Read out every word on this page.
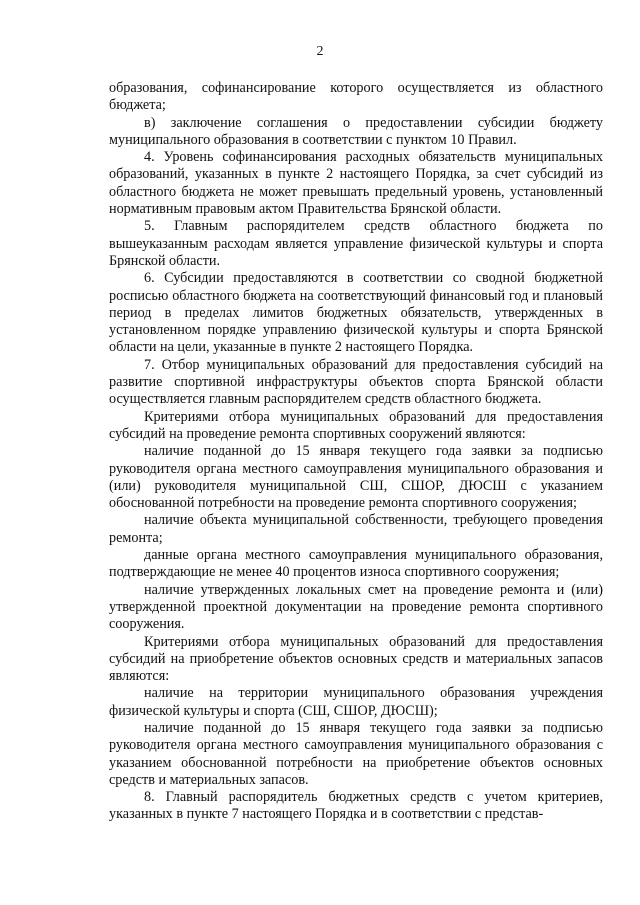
2

образования, софинансирование которого осуществляется из областного бюджета;

в) заключение соглашения о предоставлении субсидии бюджету муниципального образования в соответствии с пунктом 10 Правил.

4. Уровень софинансирования расходных обязательств муниципальных образований, указанных в пункте 2 настоящего Порядка, за счет субсидий из областного бюджета не может превышать предельный уровень, установленный нормативным правовым актом Правительства Брянской области.

5. Главным распорядителем средств областного бюджета по вышеуказанным расходам является управление физической культуры и спорта Брянской области.

6. Субсидии предоставляются в соответствии со сводной бюджетной росписью областного бюджета на соответствующий финансовый год и плановый период в пределах лимитов бюджетных обязательств, утвержденных в установленном порядке управлению физической культуры и спорта Брянской области на цели, указанные в пункте 2 настоящего Порядка.

7. Отбор муниципальных образований для предоставления субсидий на развитие спортивной инфраструктуры объектов спорта Брянской области осуществляется главным распорядителем средств областного бюджета.

Критериями отбора муниципальных образований для предоставления субсидий на проведение ремонта спортивных сооружений являются:

наличие поданной до 15 января текущего года заявки за подписью руководителя органа местного самоуправления муниципального образования и (или) руководителя муниципальной СШ, СШОР, ДЮСШ с указанием обоснованной потребности на проведение ремонта спортивного сооружения;

наличие объекта муниципальной собственности, требующего проведения ремонта;

данные органа местного самоуправления муниципального образования, подтверждающие не менее 40 процентов износа спортивного сооружения;

наличие утвержденных локальных смет на проведение ремонта и (или) утвержденной проектной документации на проведение ремонта спортивного сооружения.

Критериями отбора муниципальных образований для предоставления субсидий на приобретение объектов основных средств и материальных запасов являются:

наличие на территории муниципального образования учреждения физической культуры и спорта (СШ, СШОР, ДЮСШ);

наличие поданной до 15 января текущего года заявки за подписью руководителя органа местного самоуправления муниципального образования с указанием обоснованной потребности на приобретение объектов основных средств и материальных запасов.

8. Главный распорядитель бюджетных средств с учетом критериев, указанных в пункте 7 настоящего Порядка и в соответствии с представ-
